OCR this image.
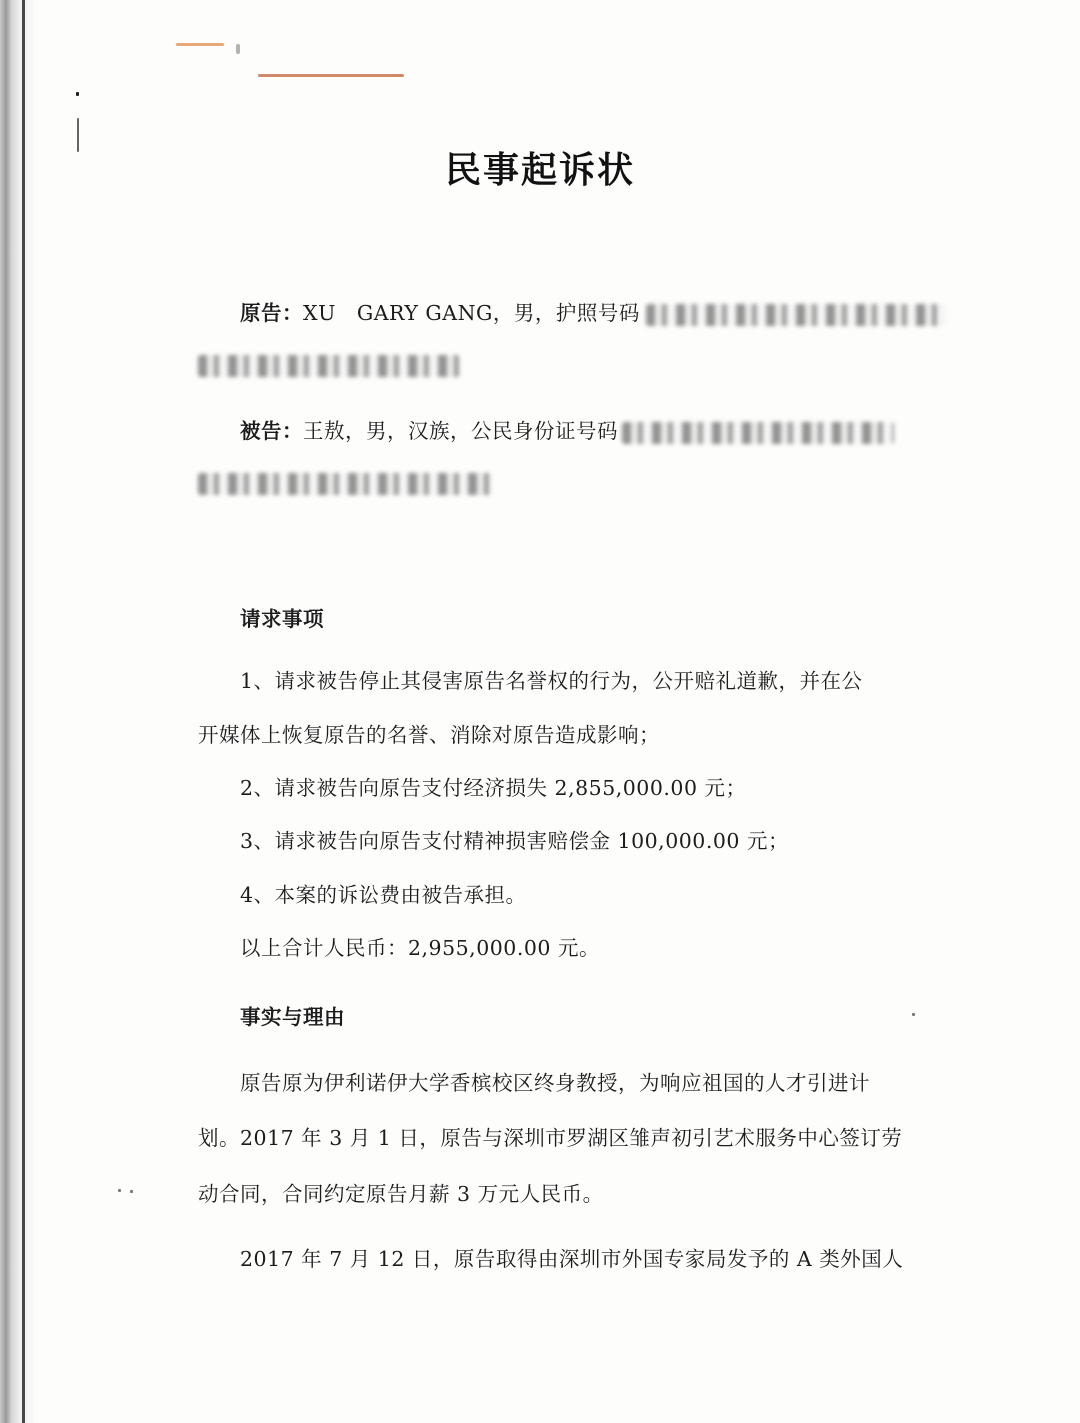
民事起诉状
原告：XU　GARY GANG，男，护照号码
被告：王敖，男，汉族，公民身份证号码
请求事项
1、请求被告停止其侵害原告名誉权的行为，公开赔礼道歉，并在公
开媒体上恢复原告的名誉、消除对原告造成影响；
2、请求被告向原告支付经济损失 2,855,000.00 元；
3、请求被告向原告支付精神损害赔偿金 100,000.00 元；
4、本案的诉讼费由被告承担。
以上合计人民币：2,955,000.00 元。
事实与理由
原告原为伊利诺伊大学香槟校区终身教授，为响应祖国的人才引进计
划。2017 年 3 月 1 日，原告与深圳市罗湖区雏声初引艺术服务中心签订劳
动合同，合同约定原告月薪 3 万元人民币。
2017 年 7 月 12 日，原告取得由深圳市外国专家局发予的 A 类外国人
